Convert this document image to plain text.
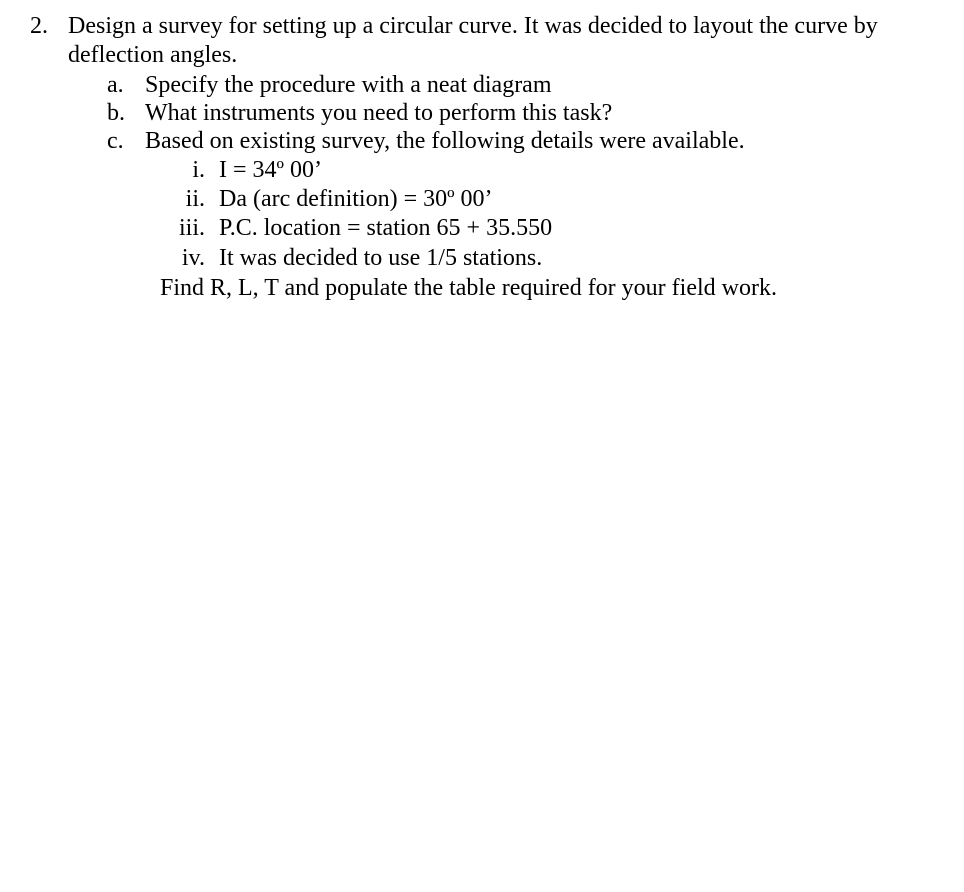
2. Design a survey for setting up a circular curve. It was decided to layout the curve by
deflection angles.
a. Specify the procedure with a neat diagram
b. What instruments you need to perform this task?
c. Based on existing survey, the following details were available.
i. I = 34º 00’
ii. Da (arc definition) = 30º 00’
iii. P.C. location = station 65 + 35.550
iv. It was decided to use 1/5 stations.
Find R, L, T and populate the table required for your field work.
